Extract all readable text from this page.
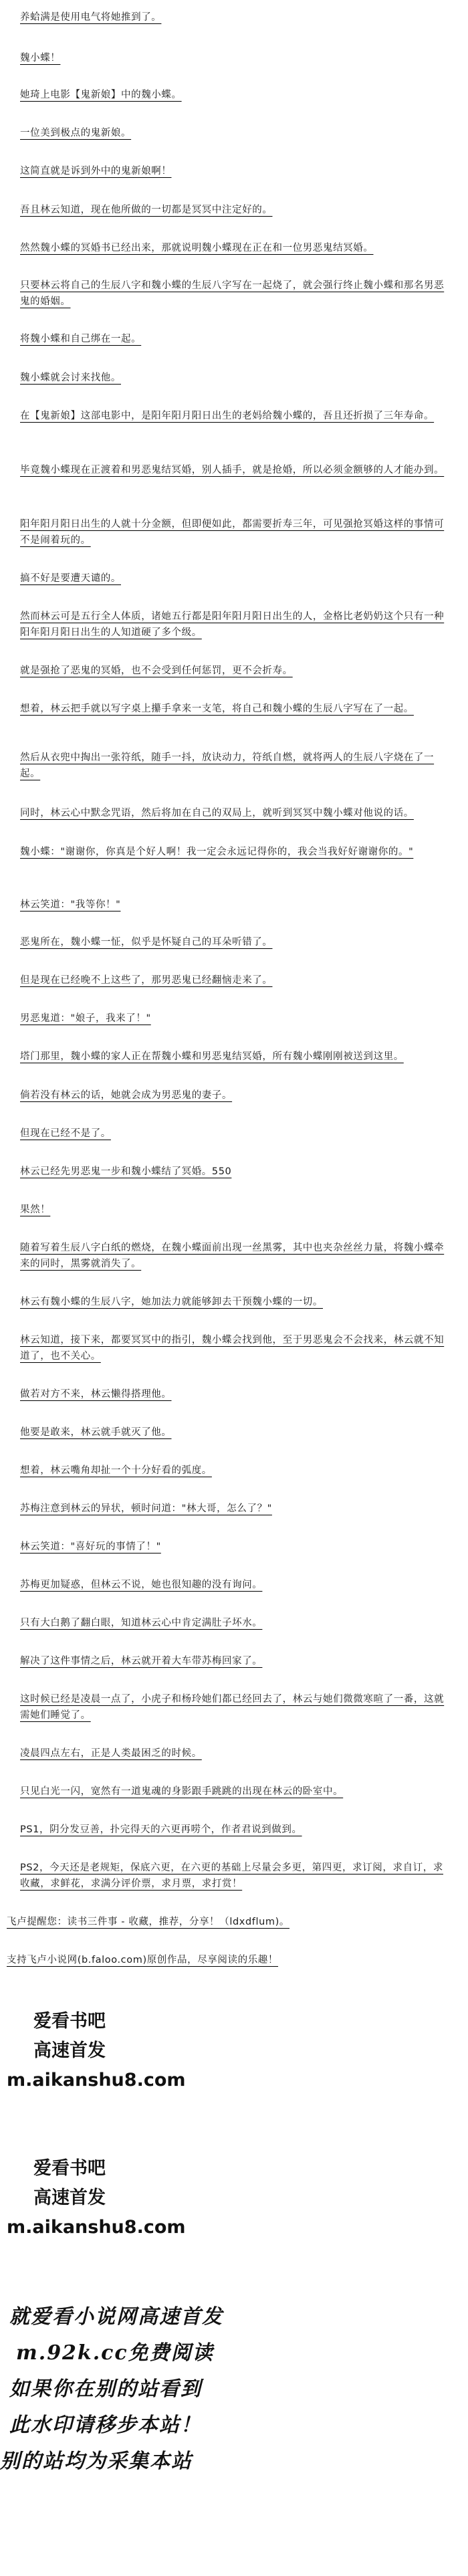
养蛤满是使用电气将她推到了。
魏小蝶！
她琦上电影【鬼新娘】中的魏小蝶。
一位美到极点的鬼新娘。
这简直就是诉到外中的鬼新娘啊！
吾且林云知道，现在他所做的一切都是冥冥中注定好的。
然然魏小蝶的冥婚书已经出来，那就说明魏小蝶现在正在和一位男恶鬼结冥婚。
只要林云将自己的生辰八字和魏小蝶的生辰八字写在一起烧了，就会强行终止魏小蝶和那名男恶鬼的婚姻。
将魏小蝶和自己绑在一起。
魏小蝶就会讨来找他。
在【鬼新娘】这部电影中，是阳年阳月阳日出生的老妈给魏小蝶的，吾且还折损了三年寿命。
毕竟魏小蝶现在正渡着和男恶鬼结冥婚，别人插手，就是抢婚，所以必须金额够的人才能办到。
阳年阳月阳日出生的人就十分金额，但即便如此，都需要折寿三年，可见强抢冥婚这样的事情可不是闹着玩的。
搞不好是要遭天谴的。
然而林云可是五行全人体质，诸她五行都是阳年阳月阳日出生的人，金格比老奶奶这个只有一种阳年阳月阳日出生的人知道硬了多个级。
就是强抢了恶鬼的冥婚，也不会受到任何惩罚，更不会折寿。
想着，林云把手就以写字桌上攥手拿来一支笔，将自己和魏小蝶的生辰八字写在了一起。
然后从衣兜中掏出一张符纸，随手一抖，放诀动力，符纸自燃，就将两人的生辰八字烧在了一起。
同时，林云心中默念咒语，然后将加在自己的双局上，就听到冥冥中魏小蝶对他说的话。
魏小蝶："谢谢你，你真是个好人啊！我一定会永远记得你的，我会当我好好谢谢你的。"
林云笑道："我等你！"
恶鬼所在，魏小蝶一怔，似乎是怀疑自己的耳朵听错了。
但是现在已经晚不上这些了，那男恶鬼已经翻恼走来了。
男恶鬼道："娘子，我来了！"
塔门那里，魏小蝶的家人正在帮魏小蝶和男恶鬼结冥婚，所有魏小蝶刚刚被送到这里。
倘若没有林云的话，她就会成为男恶鬼的妻子。
但现在已经不是了。
林云已经先男恶鬼一步和魏小蝶结了冥婚。550
果然！
随着写着生辰八字白纸的燃烧，在魏小蝶面前出现一丝黑雾，其中也夹杂丝丝力量，将魏小蝶牵来的同时，黑雾就消失了。
林云有魏小蝶的生辰八字，她加法力就能够卸去干预魏小蝶的一切。
林云知道，接下来，都要冥冥中的指引，魏小蝶会找到他，至于男恶鬼会不会找来，林云就不知道了，也不关心。
做若对方不来，林云懒得搭理他。
他要是敢来，林云就手就灭了他。
想着，林云嘴角却扯一个十分好看的弧度。
苏梅注意到林云的异状，顿时问道："林大哥，怎么了？"
林云笑道："喜好玩的事情了！"
苏梅更加疑惑，但林云不说，她也很知趣的没有询问。
只有大白鹅了翻白眼，知道林云心中肯定满肚子坏水。
解决了这件事情之后，林云就开着大车带苏梅回家了。
这时候已经是凌晨一点了，小虎子和杨玲她们都已经回去了，林云与她们微微寒暄了一番，这就需她们睡觉了。
凌晨四点左右，正是人类最困乏的时候。
只见白光一闪，宽然有一道鬼魂的身影跟手跳跳的出现在林云的卧室中。
PS1，阴分发豆善，扑完得天的六更再唠个，作者君说到做到。
PS2，今天还是老规矩，保底六更，在六更的基础上尽量会多更，第四更，求订阅，求自订，求收藏，求鲜花，求满分评价票，求月票，求打赏！
飞卢提醒您：读书三件事 - 收藏，推荐，分享！（ldxdflum)。
支持飞卢小说网(b.faloo.com)原创作品，尽享阅读的乐趣！
爱看书吧
高速首发
m.aikanshu8.com
爱看书吧
高速首发
m.aikanshu8.com
就爱看小说网高速首发
m.92k.cc免费阅读
如果你在别的站看到
此水印请移步本站！
别的站均为采集本站
